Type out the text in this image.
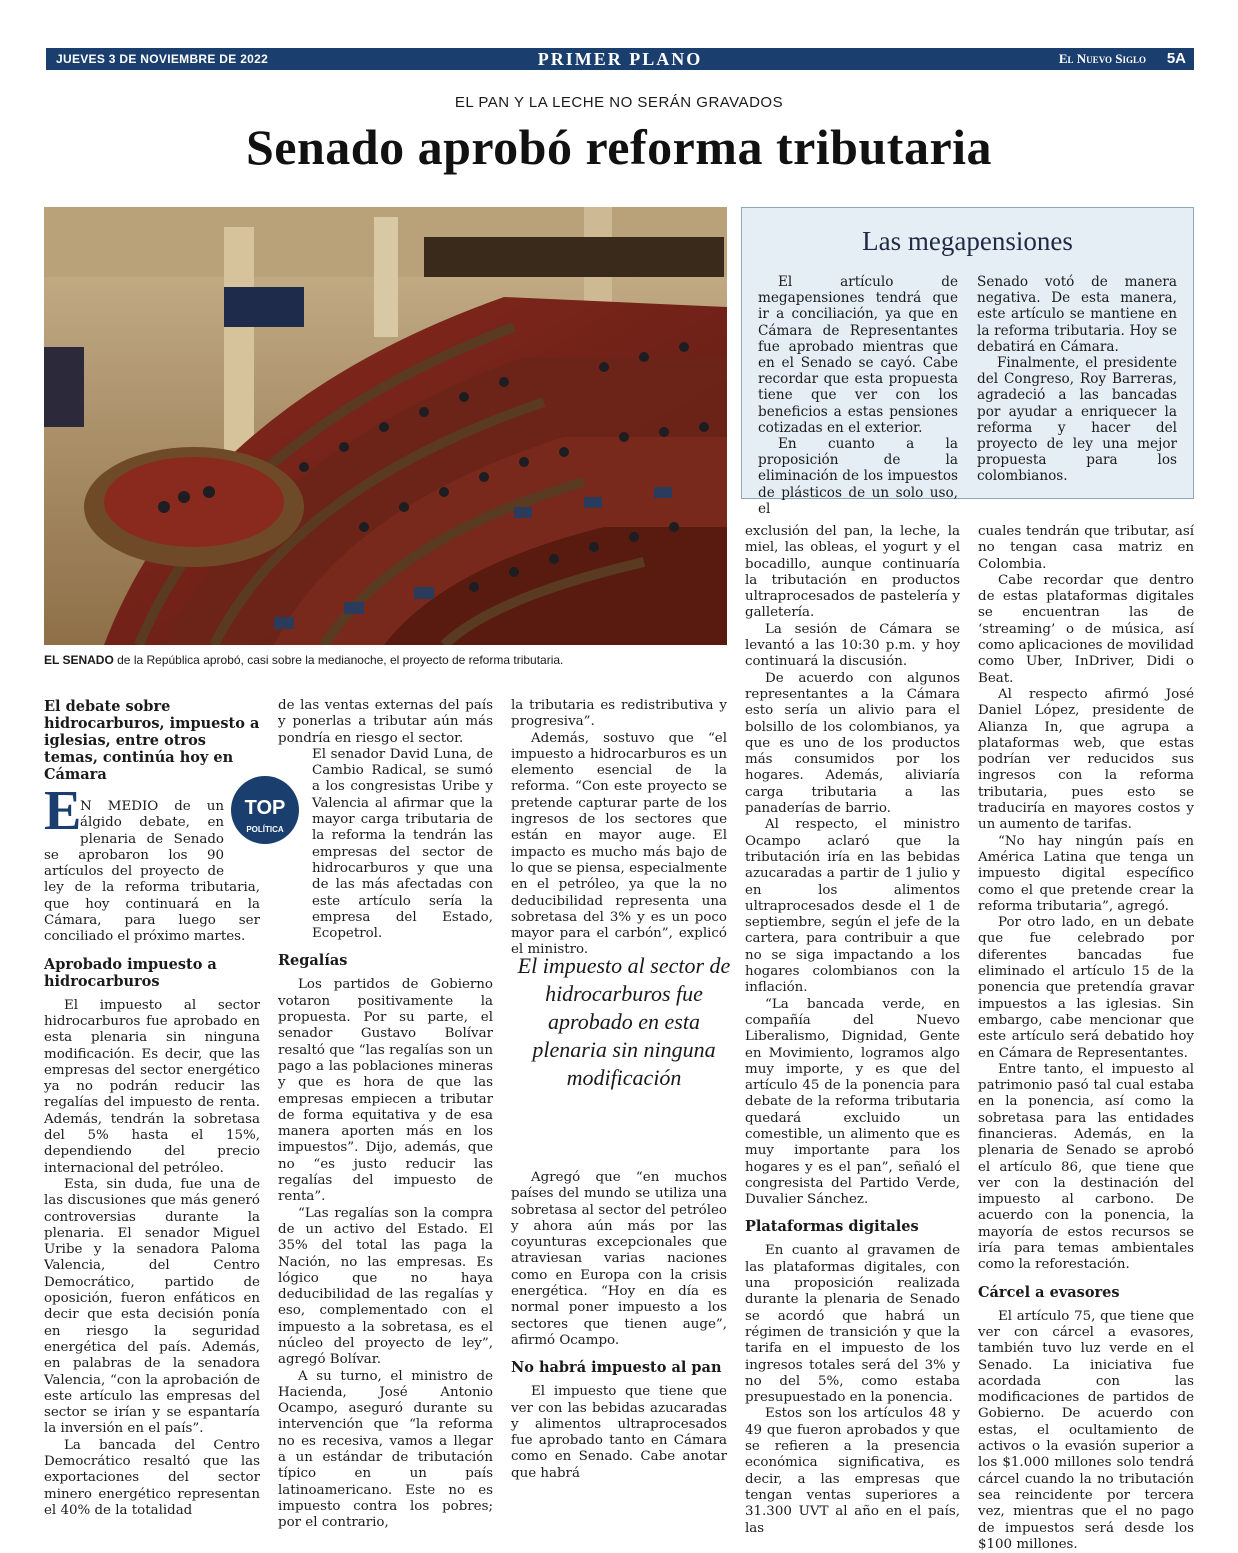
JUEVES 3 DE NOVIEMBRE DE 2022	PRIMER PLANO	El Nuevo Siglo 5A
EL PAN Y LA LECHE NO SERÁN GRAVADOS
Senado aprobó reforma tributaria
EL SENADO de la República aprobó, casi sobre la medianoche, el proyecto de reforma tributaria.
Las megapensiones

El artículo de megapensiones tendrá que ir a conciliación, ya que en Cámara de Representantes fue aprobado mientras que en el Senado se cayó. Cabe recordar que esta propuesta tiene que ver con los beneficios a estas pensiones cotizadas en el exterior.

En cuanto a la proposición de la eliminación de los impuestos de plásticos de un solo uso, el

Senado votó de manera negativa. De esta manera, este artículo se mantiene en la reforma tributaria. Hoy se debatirá en Cámara.

Finalmente, el presidente del Congreso, Roy Barreras, agradeció a las bancadas por ayudar a enriquecer la reforma y hacer del proyecto de ley una mejor propuesta para los colombianos.

El debate sobre hidrocarburos, impuesto a iglesias, entre otros temas, continúa hoy en Cámara

N MEDIO de un álgido debate, en plenaria de Senado se aprobaron los 90 artículos del proyecto de ley de la reforma tributaria, que hoy continuará en la Cámara, para luego ser conciliado el próximo martes.

Aprobado impuesto a hidrocarburos

El impuesto al sector hidrocarburos fue aprobado en esta plenaria sin ninguna modificación. Es decir, que las empresas del sector energético ya no podrán reducir las regalías del impuesto de renta. Además, tendrán la sobretasa del 5% hasta el 15%, dependiendo del precio internacional del petróleo.

Esta, sin duda, fue una de las discusiones que más generó controversias durante la plenaria. El senador Miguel Uribe y la senadora Paloma Valencia, del Centro Democrático, partido de oposición, fueron enfáticos en decir que esta decisión ponía en riesgo la seguridad energética del país. Además, en palabras de la senadora Valencia, “con la aprobación de este artículo las empresas del sector se irían y se espantaría la inversión en el país”.

La bancada del Centro Democrático resaltó que las exportaciones del sector minero energético representan el 40% de la totalidad

E	TOP
POLÍTICA

de las ventas externas del país y ponerlas a tributar aún más pondría en riesgo el sector.

El senador David Luna, de Cambio Radical, se sumó a los congresistas Uribe y Valencia al afirmar que la mayor carga tributaria de la reforma la tendrán las empresas del sector de hidrocarburos y que una de las más afectadas con este artículo sería la empresa del Estado, Ecopetrol.

Regalías

Los partidos de Gobierno votaron positivamente la propuesta. Por su parte, el senador Gustavo Bolívar resaltó que “las regalías son un pago a las poblaciones mineras y que es hora de que las empresas empiecen a tributar de forma equitativa y de esa manera aporten más en los impuestos”. Dijo, además, que no “es justo reducir las regalías del impuesto de renta”.

“Las regalías son la compra de un activo del Estado. El 35% del total las paga la Nación, no las empresas. Es lógico que no haya deducibilidad de las regalías y eso, complementado con el impuesto a la sobretasa, es el núcleo del proyecto de ley”, agregó Bolívar.

A su turno, el ministro de Hacienda, José Antonio Ocampo, aseguró durante su intervención que “la reforma no es recesiva, vamos a llegar a un estándar de tributación típico en un país latinoamericano. Este no es impuesto contra los pobres; por el contrario,

la tributaria es redistributiva y progresiva”.

Además, sostuvo que “el impuesto a hidrocarburos es un elemento esencial de la reforma. “Con este proyecto se pretende capturar parte de los ingresos de los sectores que están en mayor auge. El impacto es mucho más bajo de lo que se piensa, especialmente en el petróleo, ya que la no deducibilidad representa una sobretasa del 3% y es un poco mayor para el carbón”, explicó el ministro.

El impuesto al sector de hidrocarburos fue aprobado en esta plenaria sin ninguna modificación

Agregó que “en muchos países del mundo se utiliza una sobretasa al sector del petróleo y ahora aún más por las coyunturas excepcionales que atraviesan varias naciones como en Europa con la crisis energética. “Hoy en día es normal poner impuesto a los sectores que tienen auge”, afirmó Ocampo.

No habrá impuesto al pan

El impuesto que tiene que ver con las bebidas azucaradas y alimentos ultraprocesados fue aprobado tanto en Cámara como en Senado. Cabe anotar que habrá

exclusión del pan, la leche, la miel, las obleas, el yogurt y el bocadillo, aunque continuaría la tributación en productos ultraprocesados de pastelería y galletería.

La sesión de Cámara se levantó a las 10:30 p.m. y hoy continuará la discusión.

De acuerdo con algunos representantes a la Cámara esto sería un alivio para el bolsillo de los colombianos, ya que es uno de los productos más consumidos por los hogares. Además, aliviaría carga tributaria a las panaderías de barrio.

Al respecto, el ministro Ocampo aclaró que la tributación iría en las bebidas azucaradas a partir de 1 julio y en los alimentos ultraprocesados desde el 1 de septiembre, según el jefe de la cartera, para contribuir a que no se siga impactando a los hogares colombianos con la inflación.

“La bancada verde, en compañía del Nuevo Liberalismo, Dignidad, Gente en Movimiento, logramos algo muy importe, y es que del artículo 45 de la ponencia para debate de la reforma tributaria quedará excluido un comestible, un alimento que es muy importante para los hogares y es el pan”, señaló el congresista del Partido Verde, Duvalier Sánchez.

Plataformas digitales

En cuanto al gravamen de las plataformas digitales, con una proposición realizada durante la plenaria de Senado se acordó que habrá un régimen de transición y que la tarifa en el impuesto de los ingresos totales será del 3% y no del 5%, como estaba presupuestado en la ponencia.

Estos son los artículos 48 y 49 que fueron aprobados y que se refieren a la presencia económica significativa, es decir, a las empresas que tengan ventas superiores a 31.300 UVT al año en el país, las

cuales tendrán que tributar, así no tengan casa matriz en Colombia.

Cabe recordar que dentro de estas plataformas digitales se encuentran las de ‘streaming’ o de música, así como aplicaciones de movilidad como Uber, InDriver, Didi o Beat.

Al respecto afirmó José Daniel López, presidente de Alianza In, que agrupa a plataformas web, que estas podrían ver reducidos sus ingresos con la reforma tributaria, pues esto se traduciría en mayores costos y un aumento de tarifas.

“No hay ningún país en América Latina que tenga un impuesto digital específico como el que pretende crear la reforma tributaria”, agregó.

Por otro lado, en un debate que fue celebrado por diferentes bancadas fue eliminado el artículo 15 de la ponencia que pretendía gravar impuestos a las iglesias. Sin embargo, cabe mencionar que este artículo será debatido hoy en Cámara de Representantes.

Entre tanto, el impuesto al patrimonio pasó tal cual estaba en la ponencia, así como la sobretasa para las entidades financieras. Además, en la plenaria de Senado se aprobó el artículo 86, que tiene que ver con la destinación del impuesto al carbono. De acuerdo con la ponencia, la mayoría de estos recursos se iría para temas ambientales como la reforestación.

Cárcel a evasores

El artículo 75, que tiene que ver con cárcel a evasores, también tuvo luz verde en el Senado. La iniciativa fue acordada con las modificaciones de partidos de Gobierno. De acuerdo con estas, el ocultamiento de activos o la evasión superior a los $1.000 millones solo tendrá cárcel cuando la no tributación sea reincidente por tercera vez, mientras que el no pago de impuestos será desde los $100 millones.
